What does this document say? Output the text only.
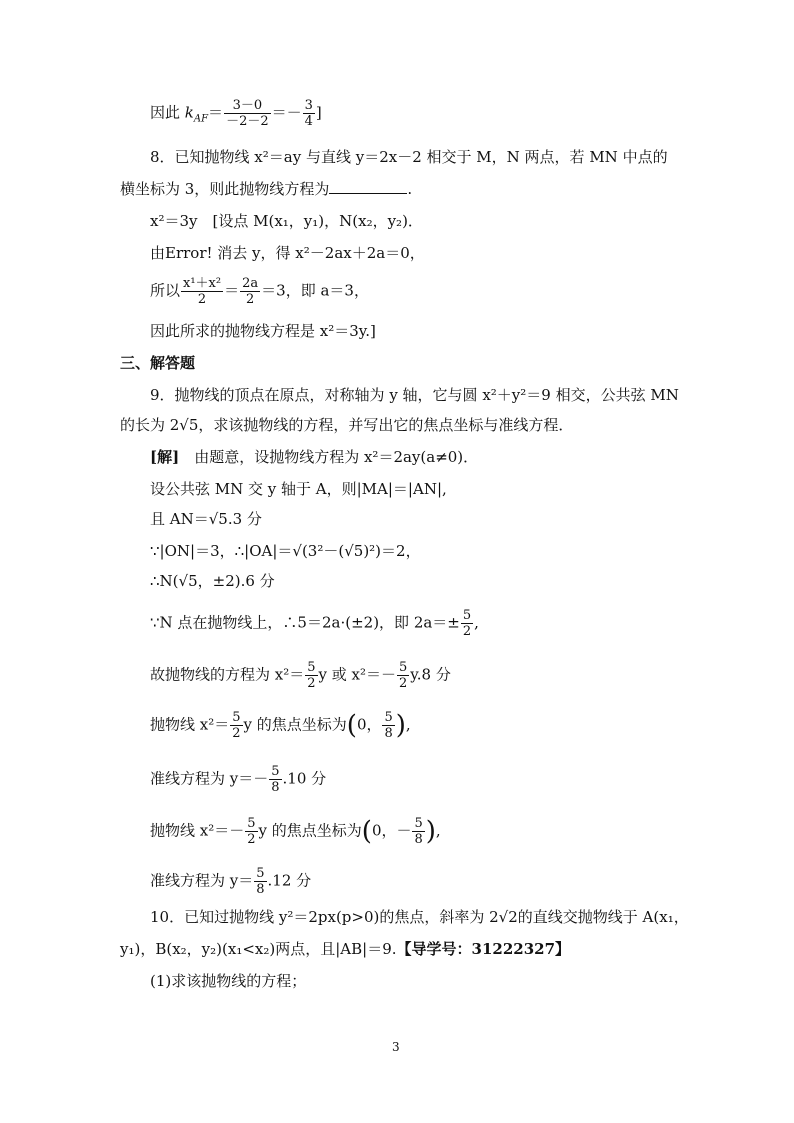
因此 $k_{AF}= \frac{3-0}{-2-2} =- \frac{3}{4}$ ]
8．已知抛物线 x²＝ay 与直线 y＝2x－2 相交于 M，N 两点，若 MN 中点的
横坐标为 3，则此抛物线方程为	.
x²＝3y　[设点 M(x₁，y₁)，N(x₂，y₂)．
由Error! 消去 y，得 x²－2ax＋2a＝0，
所以 $\frac{\text{x¹＋x²}}{2} = \frac{2a}{2} =3$，即 a＝3，
因此所求的抛物线方程是 x²＝3y.]
三、解答题
9．抛物线的顶点在原点，对称轴为 y 轴，它与圆 x²＋y²＝9 相交，公共弦 MN
的长为 2√5，求该抛物线的方程，并写出它的焦点坐标与准线方程．
[解]　由题意，设抛物线方程为 x²＝2ay(a≠0)．
设公共弦 MN 交 y 轴于 A，则|MA|＝|AN|,
且 AN＝√5.3 分
∵|ON|＝3，∴|OA|＝√(3²－(√5)²)＝2，
∴N(√5，±2).6 分
∵N 点在抛物线上，∴5＝2a·(±2)，即 $2a=\pm \frac{5}{2}$ ,
故抛物线的方程为 $x^2= \frac{5}{2}$ y 或 $x^2=- \frac{5}{2} y.8$ 分
抛物线 $x^2= \frac{5}{2}$ y 的焦点坐标为(0， $\frac{5}{8}$ ),
准线方程为 $y=- \frac{5}{8} .10$ 分
抛物线 $x^2=- \frac{5}{2}$ y 的焦点坐标为(0，－ $\frac{5}{8}$ ),
准线方程为 $y= \frac{5}{8} .12$ 分
10．已知过抛物线 y²＝2px(p>0)的焦点，斜率为 2√2的直线交抛物线于 A(x₁，
y₁)，B(x₂，y₂)(x₁<x₂)两点，且|AB|＝9.【导学号：31222327】
(1)求该抛物线的方程；
3
